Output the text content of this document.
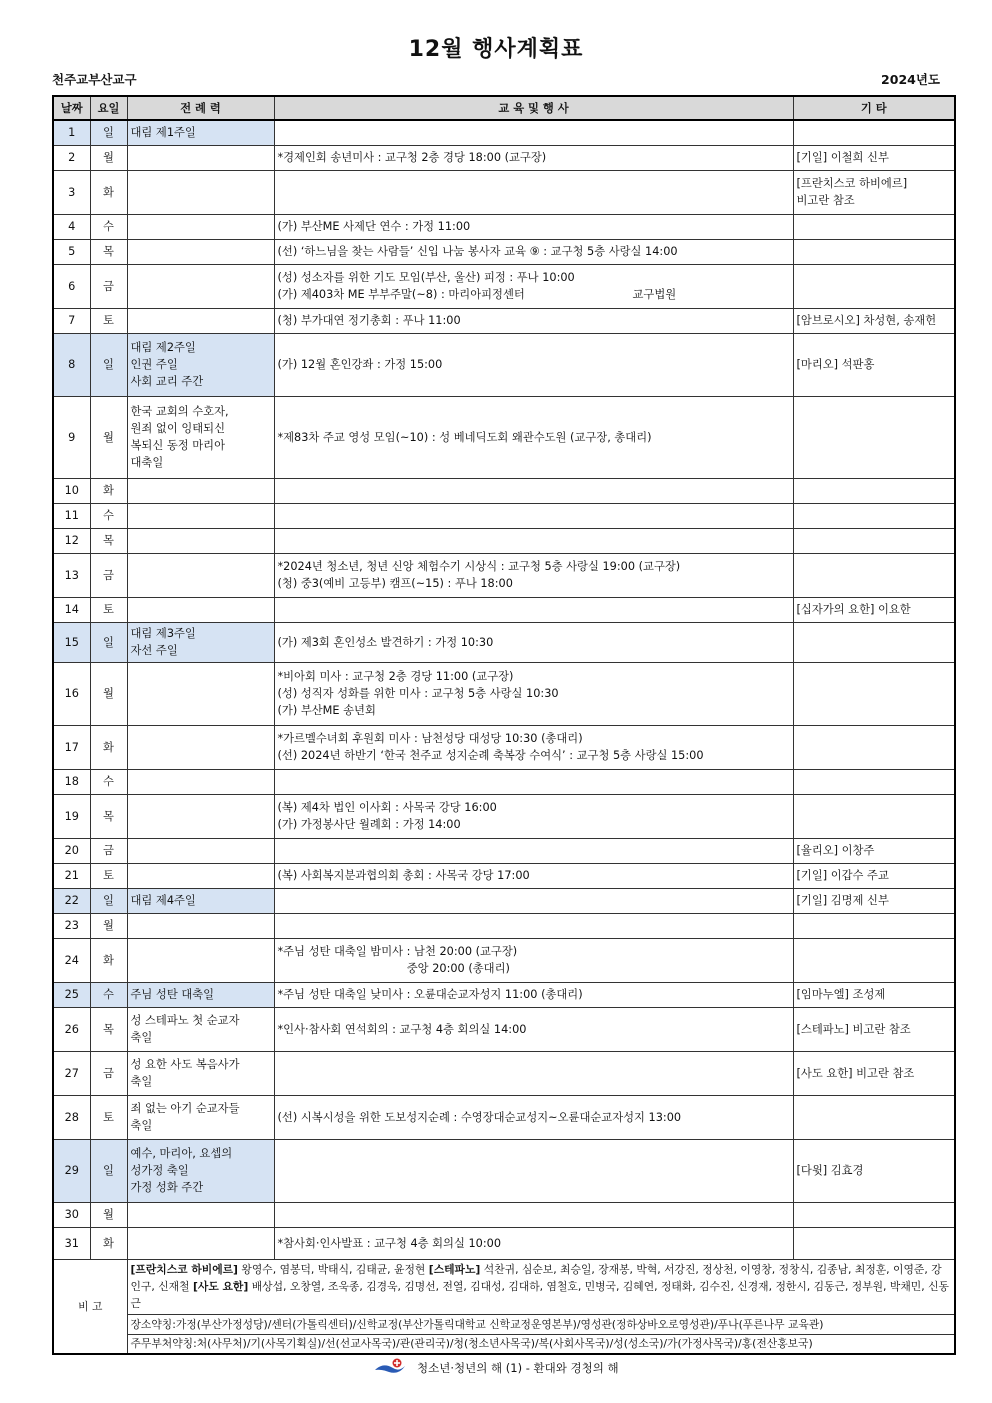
12월 행사계획표
천주교부산교구	2024년도
날짜	요일	전 례 력	교 육 및 행 사	기 타
1	일	대림 제1주일		

2	월		*경제인회 송년미사 : 교구청 2층 경당 18:00 (교구장)	[기일] 이철희 신부

3	화			[프란치스코 하비에르]
비고란 참조

4	수		(가) 부산ME 사제단 연수 : 가정 11:00	

5	목		(선) ‘하느님을 찾는 사람들’ 신입 나눔 봉사자 교육 ⑨ : 교구청 5층 사랑실 14:00	

6	금		(성) 성소자를 위한 기도 모임(부산, 울산) 피정 : 푸나 10:00
(가) 제403차 ME 부부주말(~8) : 마리아피정센터                              교구법원	

7	토		(청) 부가대연 정기총회 : 푸나 11:00	[암브로시오] 차성현, 송재헌

8	일	대림 제2주일
인권 주일
사회 교리 주간	(가) 12월 혼인강좌 : 가정 15:00	[마리오] 석판홍

9	월	한국 교회의 수호자,
원죄 없이 잉태되신
복되신 동정 마리아
대축일	*제83차 주교 영성 모임(~10) : 성 베네딕도회 왜관수도원 (교구장, 총대리)	

10	화			
11	수			
12	목			
13	금		*2024년 청소년, 청년 신앙 체험수기 시상식 : 교구청 5층 사랑실 19:00 (교구장)
(청) 중3(예비 고등부) 캠프(~15) : 푸나 18:00	

14	토			[십자가의 요한] 이요한

15	일	대림 제3주일
자선 주일	(가) 제3회 혼인성소 발견하기 : 가정 10:30	

16	월		*비아회 미사 : 교구청 2층 경당 11:00 (교구장)
(성) 성직자 성화를 위한 미사 : 교구청 5층 사랑실 10:30
(가) 부산ME 송년회	

17	화		*가르멜수녀회 후원회 미사 : 남천성당 대성당 10:30 (총대리)
(선) 2024년 하반기 ‘한국 천주교 성지순례 축복장 수여식’ : 교구청 5층 사랑실 15:00	

18	수			
19	목		(복) 제4차 법인 이사회 : 사목국 강당 16:00
(가) 가정봉사단 월례회 : 가정 14:00	

20	금			[율리오] 이창주

21	토		(복) 사회복지분과협의회 총회 : 사목국 강당 17:00	[기일] 이갑수 주교

22	일	대림 제4주일		[기일] 김명제 신부

23	월			
24	화		*주님 성탄 대축일 밤미사 : 남천 20:00 (교구장)
중앙 20:00 (총대리)	

25	수	주님 성탄 대축일	*주님 성탄 대축일 낮미사 : 오륜대순교자성지 11:00 (총대리)	[임마누엘] 조성제

26	목	성 스테파노 첫 순교자
축일	*인사·참사회 연석회의 : 교구청 4층 회의실 14:00	[스테파노] 비고란 참조

27	금	성 요한 사도 복음사가
축일		[사도 요한] 비고란 참조

28	토	죄 없는 아기 순교자들
축일	(선) 시복시성을 위한 도보성지순례 : 수영장대순교성지~오륜대순교자성지 13:00	

29	일	예수, 마리아, 요셉의
성가정 축일
가정 성화 주간		[다윗] 김효경

30	월			
31	화		*참사회·인사발표 : 교구청 4층 회의실 10:00	

비 고		[프란치스코 하비에르] 왕영수, 염봉덕, 박태식, 김태균, 윤정현 [스테파노] 석찬귀, 심순보, 최승일, 장재봉, 박혁, 서강진, 정상천, 이영창, 정창식, 김종남, 최정훈, 이영준, 강인구, 신재철 [사도 요한] 배상섭, 오창열, 조욱종, 김경욱, 김명선, 전열, 김대성, 김대하, 염철호, 민병국, 김혜연, 정태화, 김수진, 신경재, 정한시, 김동근, 정부원, 박채민, 신동근		
		장소약칭:가정(부산가정성당)/센터(가톨릭센터)/신학교정(부산가톨릭대학교 신학교정운영본부)/영성관(정하상바오로영성관)/푸나(푸른나무 교육관)		
		주무부처약칭:처(사무처)/기(사목기획실)/선(선교사목국)/관(관리국)/청(청소년사목국)/복(사회사목국)/성(성소국)/가(가정사목국)/홍(전산홍보국)		
청소년·청년의 해 (1) - 환대와 경청의 해
